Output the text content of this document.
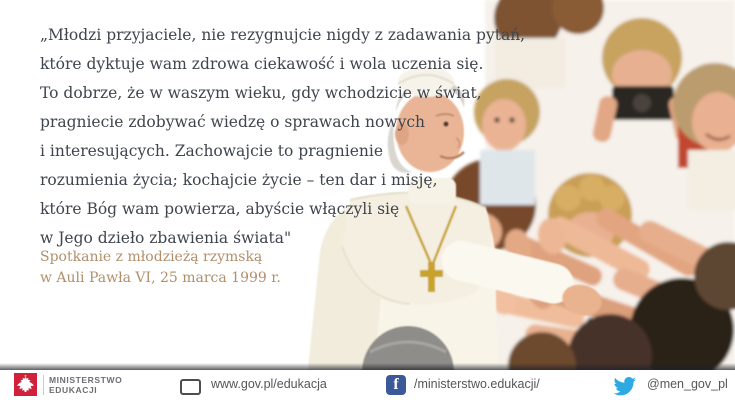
„Młodzi przyjaciele, nie rezygnujcie nigdy z zadawania pytań,
które dyktuje wam zdrowa ciekawość i wola uczenia się.
To dobrze, że w waszym wieku, gdy wchodzicie w świat,
pragniecie zdobywać wiedzę o sprawach nowych
i interesujących. Zachowajcie to pragnienie
rozumienia życia; kochajcie życie – ten dar i misję,
które Bóg wam powierza, abyście włączyli się
w Jego dzieło zbawienia świata"
Spotkanie z młodzieżą rzymską
w Auli Pawła VI, 25 marca 1999 r.
MINISTERSTWO
EDUKACJI	www.gov.pl/edukacja	f	/ministerstwo.edukacji/	@men_gov_pl
